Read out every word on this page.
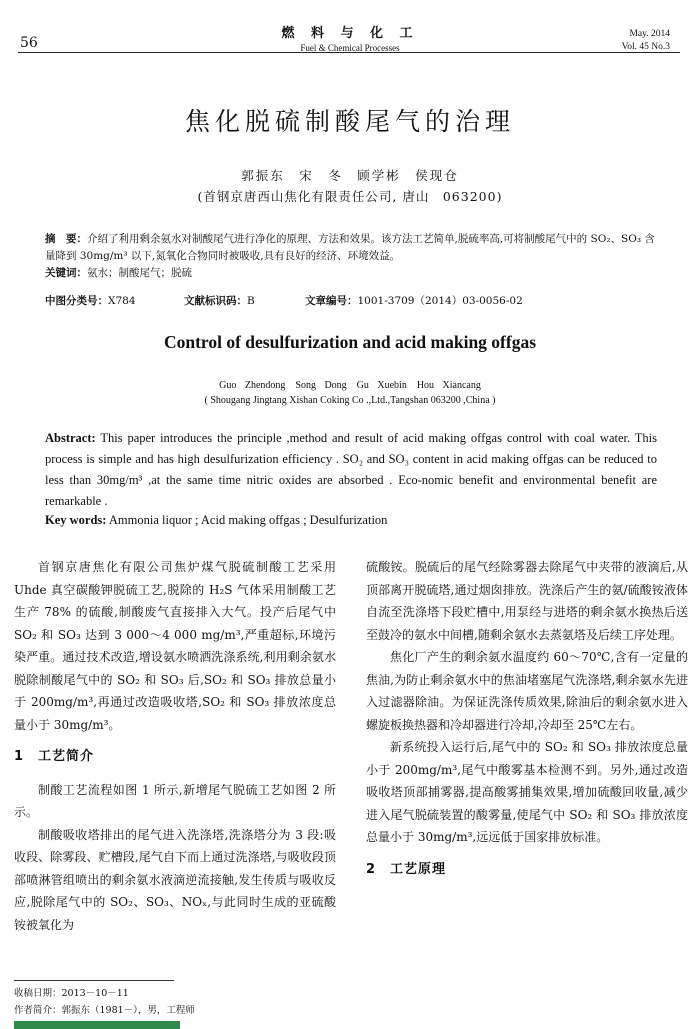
56
燃 料 与 化 工
Fuel & Chemical Processes
May. 2014
Vol. 45 No.3
焦化脱硫制酸尾气的治理
郭振东　宋　冬　顾学彬　侯现仓
(首钢京唐西山焦化有限责任公司, 唐山　063200)
摘　要：介绍了利用剩余氨水对制酸尾气进行净化的原理、方法和效果。该方法工艺简单,脱硫率高,可将制酸尾气中的 SO₂、SO₃ 含量降到 30mg/m³ 以下,氮氧化合物同时被吸收,具有良好的经济、环境效益。
关键词：氨水；制酸尾气；脱硫
中图分类号：X784	文献标识码：B	文章编号：1001-3709（2014）03-0056-02
Control of desulfurization and acid making offgas
Guo Zhendong　Song Dong　Gu Xuebin　Hou Xiancang
( Shougang Jingtang Xishan Coking Co .,Ltd.,Tangshan 063200 ,China )
Abstract: This paper introduces the principle ,method and result of acid making offgas control with coal water. This process is simple and has high desulfurization efficiency . SO₂ and SO₃ content in acid making offgas can be reduced to less than 30mg/m³ ,at the same time nitric oxides are absorbed . Eco-nomic benefit and environmental benefit are remarkable .
Key words: Ammonia liquor ; Acid making offgas ; Desulfurization

首钢京唐焦化有限公司焦炉煤气脱硫制酸工艺采用 Uhde 真空碳酸钾脱硫工艺,脱除的 H₂S 气体采用制酸工艺生产 78% 的硫酸,制酸废气直接排入大气。投产后尾气中 SO₂ 和 SO₃ 达到 3 000～4 000 mg/m³,严重超标,环境污染严重。通过技术改造,增设氨水喷洒洗涤系统,利用剩余氨水脱除制酸尾气中的 SO₂ 和 SO₃ 后,SO₂ 和 SO₃ 排放总量小于 200mg/m³,再通过改造吸收塔,SO₂ 和 SO₃ 排放浓度总量小于 30mg/m³。

1 工艺简介

制酸工艺流程如图 1 所示,新增尾气脱硫工艺如图 2 所示。

制酸吸收塔排出的尾气进入洗涤塔,洗涤塔分为 3 段:吸收段、除雾段、贮槽段,尾气自下而上通过洗涤塔,与吸收段顶部喷淋管组喷出的剩余氨水液滴逆流接触,发生传质与吸收反应,脱除尾气中的 SO₂、SO₃、NOₓ,与此同时生成的亚硫酸铵被氧化为

硫酸铵。脱硫后的尾气经除雾器去除尾气中夹带的液滴后,从顶部离开脱硫塔,通过烟囱排放。洗涤后产生的氨/硫酸铵液体自流至洗涤塔下段贮槽中,用泵经与进塔的剩余氨水换热后送至鼓冷的氨水中间槽,随剩余氨水去蒸氨塔及后续工序处理。

焦化厂产生的剩余氨水温度约 60～70℃,含有一定量的焦油,为防止剩余氨水中的焦油堵塞尾气洗涤塔,剩余氨水先进入过滤器除油。为保证洗涤传质效果,除油后的剩余氨水进入螺旋板换热器和冷却器进行冷却,冷却至 25℃左右。

新系统投入运行后,尾气中的 SO₂ 和 SO₃ 排放浓度总量小于 200mg/m³,尾气中酸雾基本检测不到。另外,通过改造吸收塔顶部捕雾器,提高酸雾捕集效果,增加硫酸回收量,减少进入尾气脱硫装置的酸雾量,使尾气中 SO₂ 和 SO₃ 排放浓度总量小于 30mg/m³,远远低于国家排放标准。

2 工艺原理
收稿日期：2013－10－11
作者简介：郭振东（1981－），男，工程师
